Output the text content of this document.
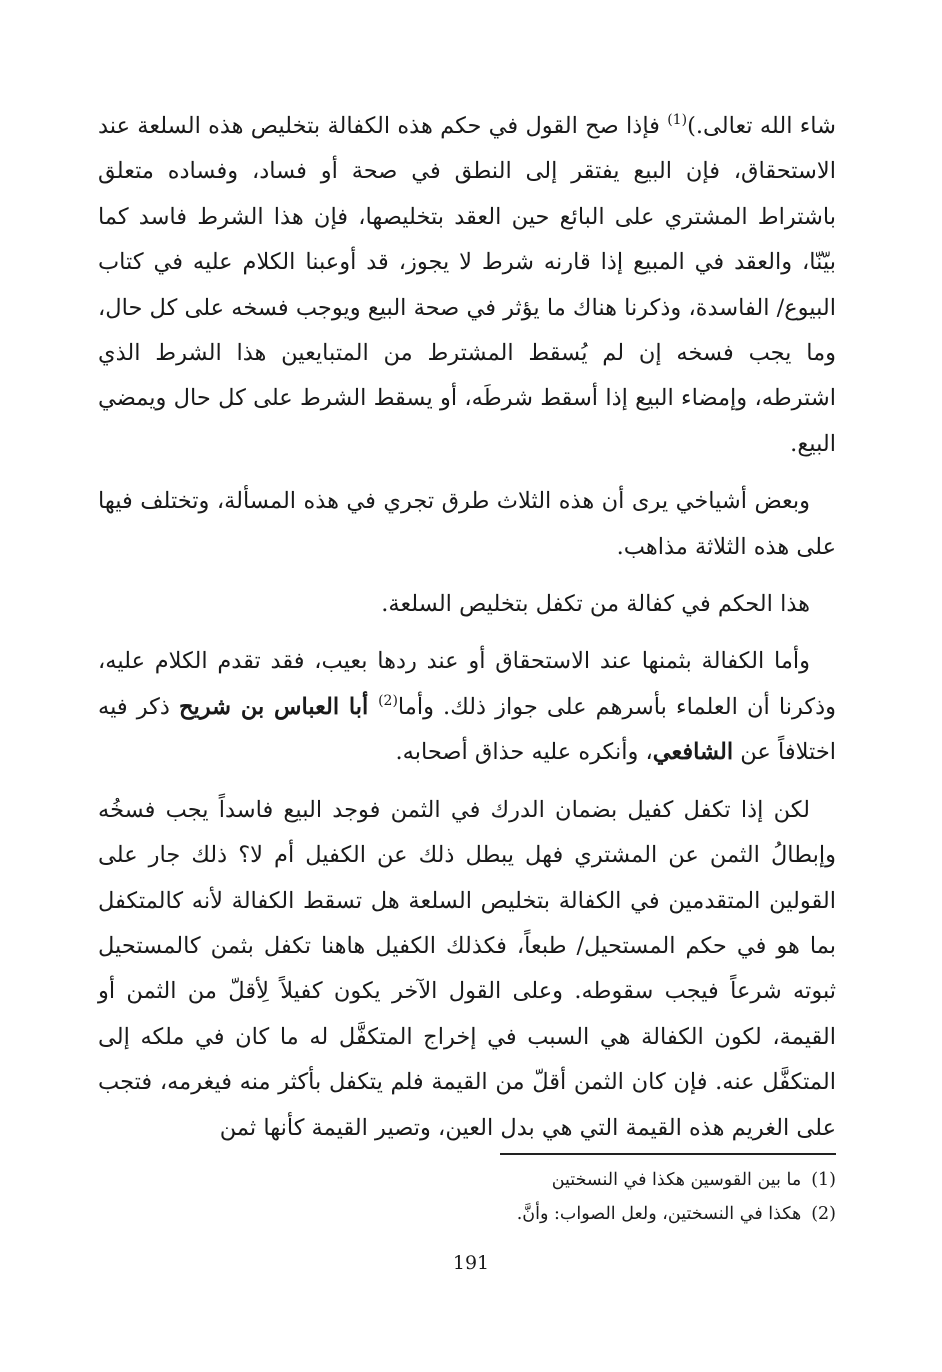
شاء الله تعالى.)$^{(1)}$ فإذا صح القول في حكم هذه الكفالة بتخليص هذه السلعة عند الاستحقاق، فإن البيع يفتقر إلى النطق في صحة أو فساد، وفساده متعلق باشتراط المشتري على البائع حين العقد بتخليصها، فإن هذا الشرط فاسد كما بيّنّا، والعقد في المبيع إذا قارنه شرط لا يجوز، قد أوعبنا الكلام عليه في كتاب البيوع/ الفاسدة، وذكرنا هناك ما يؤثر في صحة البيع ويوجب فسخه على كل حال، وما يجب فسخه إن لم يُسقط المشترط من المتبايعين هذا الشرط الذي اشترطه، وإمضاء البيع إذا أسقط شرطَه، أو يسقط الشرط على كل حال ويمضي البيع.

وبعض أشياخي يرى أن هذه الثلاث طرق تجري في هذه المسألة، وتختلف فيها على هذه الثلاثة مذاهب.

هذا الحكم في كفالة من تكفل بتخليص السلعة.

وأما الكفالة بثمنها عند الاستحقاق أو عند ردها بعيب، فقد تقدم الكلام عليه، وذكرنا أن العلماء بأسرهم على جواز ذلك. وأما$^{(2)}$ أبا العباس بن شريح ذكر فيه اختلافاً عن الشافعي، وأنكره عليه حذاق أصحابه.

لكن إذا تكفل كفيل بضمان الدرك في الثمن فوجد البيع فاسداً يجب فسخُه وإبطالُ الثمن عن المشتري فهل يبطل ذلك عن الكفيل أم لا؟ ذلك جار على القولين المتقدمين في الكفالة بتخليص السلعة هل تسقط الكفالة لأنه كالمتكفل بما هو في حكم المستحيل/ طبعاً، فكذلك الكفيل هاهنا تكفل بثمن كالمستحيل ثبوته شرعاً فيجب سقوطه. وعلى القول الآخر يكون كفيلاً لِأقلّ من الثمن أو القيمة، لكون الكفالة هي السبب في إخراج المتكفَّل له ما كان في ملكه إلى المتكفَّل عنه. فإن كان الثمن أقلّ من القيمة فلم يتكفل بأكثر منه فيغرمه، فتجب على الغريم هذه القيمة التي هي بدل العين، وتصير القيمة كأنها ثمن

(1)ما بين القوسين هكذا في النسختين

(2)هكذا في النسختين، ولعل الصواب: وأنَّ.

191
